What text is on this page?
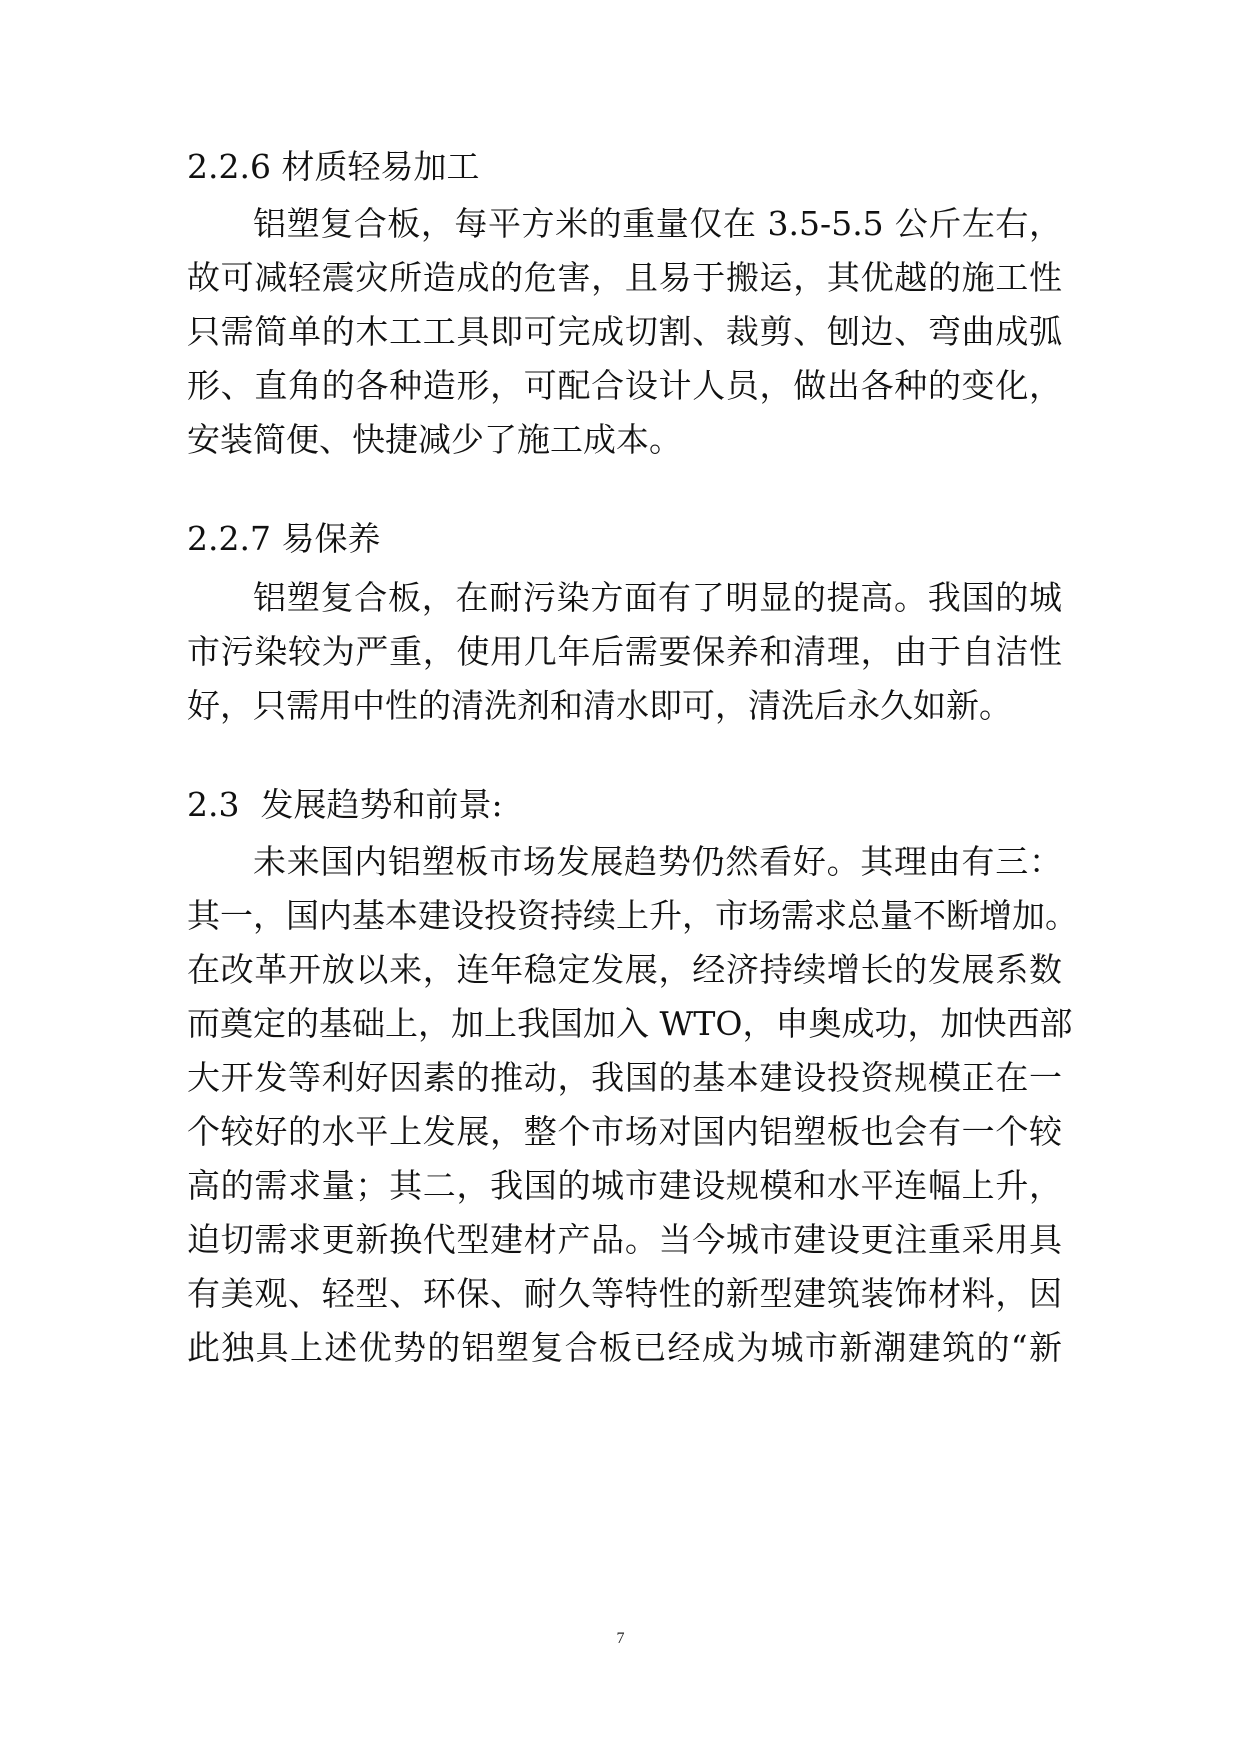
2.2.6 材质轻易加工
铝塑复合板，每平方米的重量仅在 3.5-5.5 公斤左右，
故可减轻震灾所造成的危害，且易于搬运，其优越的施工性
只需简单的木工工具即可完成切割、裁剪、刨边、弯曲成弧
形、直角的各种造形，可配合设计人员，做出各种的变化，
安装简便、快捷减少了施工成本。
2.2.7 易保养
铝塑复合板，在耐污染方面有了明显的提高。我国的城
市污染较为严重，使用几年后需要保养和清理，由于自洁性
好，只需用中性的清洗剂和清水即可，清洗后永久如新。
2.3  发展趋势和前景:
未来国内铝塑板市场发展趋势仍然看好。其理由有三：
其一，国内基本建设投资持续上升，市场需求总量不断增加。
在改革开放以来，连年稳定发展，经济持续增长的发展系数
而奠定的基础上，加上我国加入 WTO，申奥成功，加快西部
大开发等利好因素的推动，我国的基本建设投资规模正在一
个较好的水平上发展，整个市场对国内铝塑板也会有一个较
高的需求量；其二，我国的城市建设规模和水平连幅上升，
迫切需求更新换代型建材产品。当今城市建设更注重采用具
有美观、轻型、环保、耐久等特性的新型建筑装饰材料，因
此独具上述优势的铝塑复合板已经成为城市新潮建筑的“新
7
